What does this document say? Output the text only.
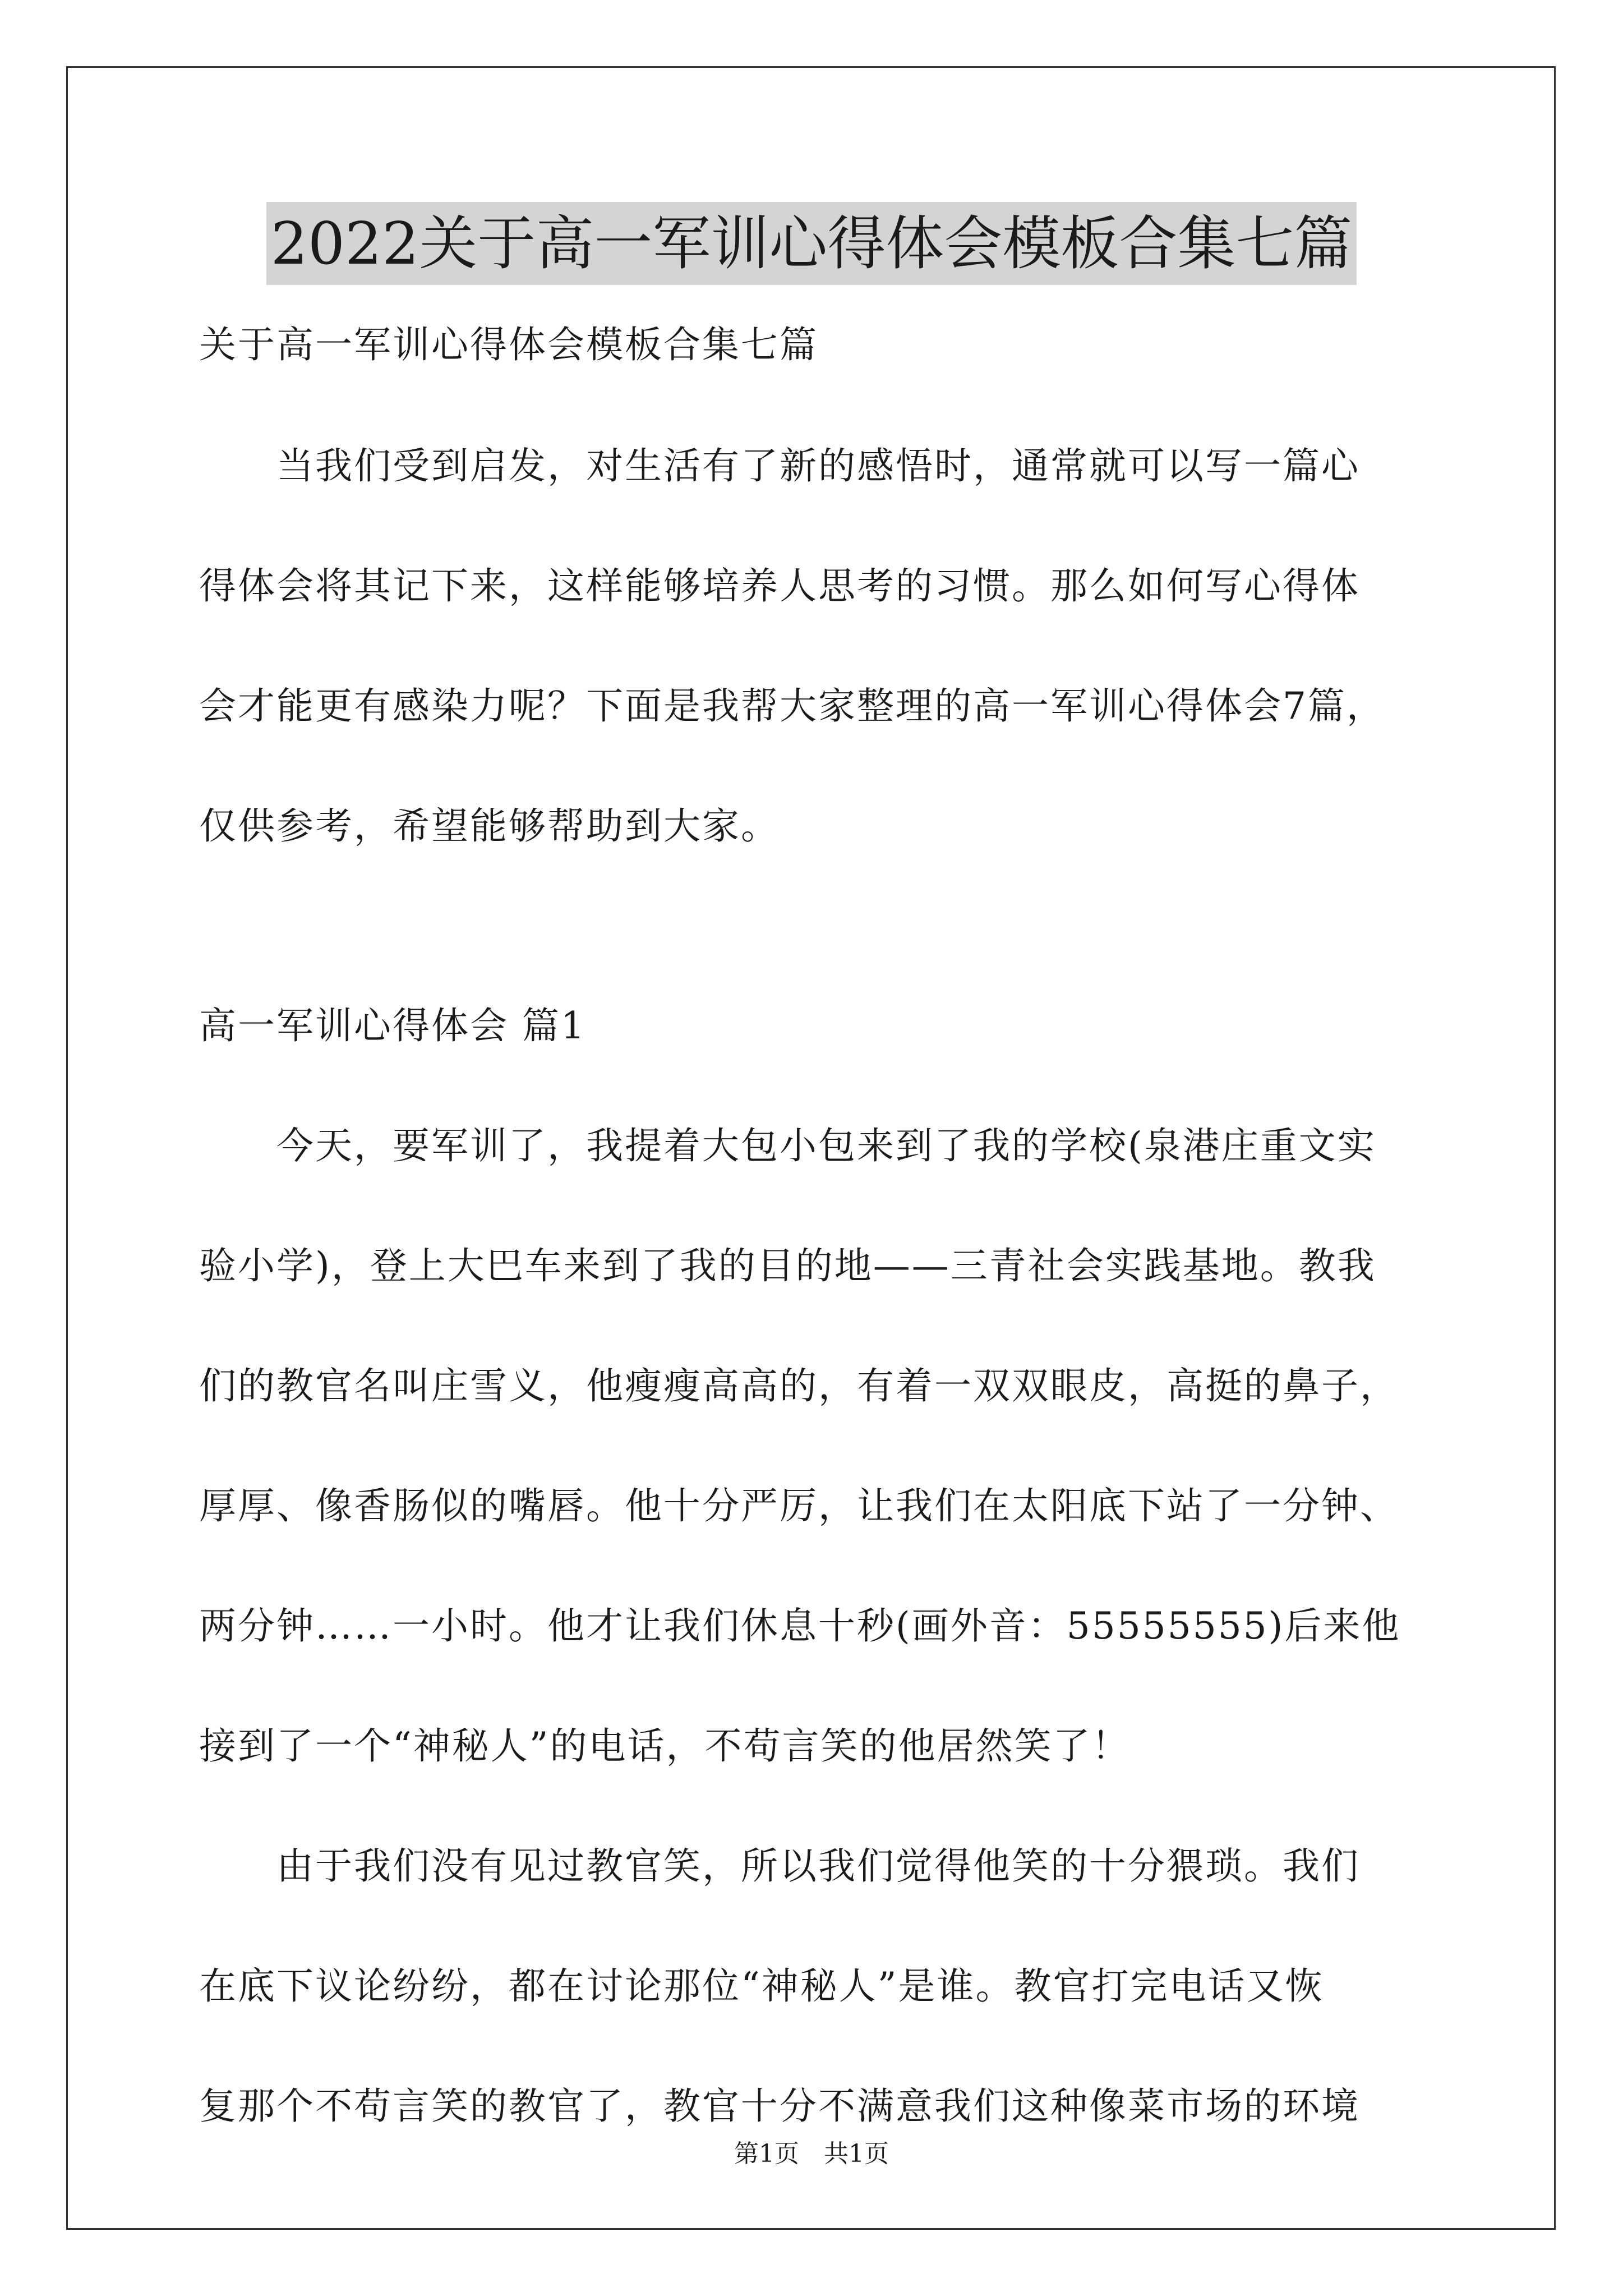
2022关于高一军训心得体会模板合集七篇
关于高一军训心得体会模板合集七篇
　　当我们受到启发，对生活有了新的感悟时，通常就可以写一篇心
得体会将其记下来，这样能够培养人思考的习惯。那么如何写心得体
会才能更有感染力呢？下面是我帮大家整理的高一军训心得体会7篇，
仅供参考，希望能够帮助到大家。
高一军训心得体会 篇1
　　今天，要军训了，我提着大包小包来到了我的学校(泉港庄重文实
验小学)，登上大巴车来到了我的目的地——三青社会实践基地。教我
们的教官名叫庄雪义，他瘦瘦高高的，有着一双双眼皮，高挺的鼻子，
厚厚、像香肠似的嘴唇。他十分严厉，让我们在太阳底下站了一分钟、
两分钟……一小时。他才让我们休息十秒(画外音：55555555)后来他
接到了一个“神秘人”的电话，不苟言笑的他居然笑了！
　　由于我们没有见过教官笑，所以我们觉得他笑的十分猥琐。我们
在底下议论纷纷，都在讨论那位“神秘人”是谁。教官打完电话又恢
复那个不苟言笑的教官了，教官十分不满意我们这种像菜市场的环境
第1页　共1页
